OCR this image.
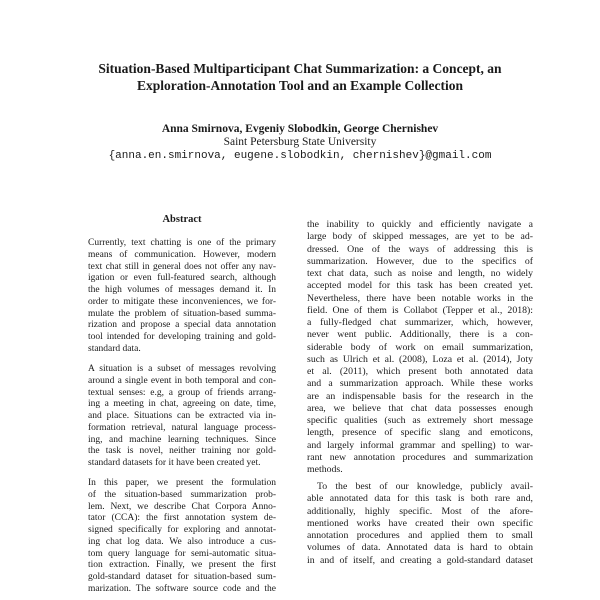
Situation-Based Multiparticipant Chat Summarization: a Concept, an
Exploration-Annotation Tool and an Example Collection
Anna Smirnova, Evgeniy Slobodkin, George Chernishev
Saint Petersburg State University
{anna.en.smirnova, eugene.slobodkin, chernishev}@gmail.com
Abstract
Currently, text chatting is one of the primary
means of communication. However, modern
text chat still in general does not offer any nav-
igation or even full-featured search, although
the high volumes of messages demand it. In
order to mitigate these inconveniences, we for-
mulate the problem of situation-based summa-
rization and propose a special data annotation
tool intended for developing training and gold-
standard data.
A situation is a subset of messages revolving
around a single event in both temporal and con-
textual senses: e.g, a group of friends arrang-
ing a meeting in chat, agreeing on date, time,
and place. Situations can be extracted via in-
formation retrieval, natural language process-
ing, and machine learning techniques. Since
the task is novel, neither training nor gold-
standard datasets for it have been created yet.
In this paper, we present the formulation
of the situation-based summarization prob-
lem. Next, we describe Chat Corpora Anno-
tator (CCA): the first annotation system de-
signed specifically for exploring and annotat-
ing chat log data. We also introduce a cus-
tom query language for semi-automatic situa-
tion extraction. Finally, we present the first
gold-standard dataset for situation-based sum-
marization. The software source code and the
the inability to quickly and efficiently navigate a
large body of skipped messages, are yet to be ad-
dressed. One of the ways of addressing this is
summarization. However, due to the specifics of
text chat data, such as noise and length, no widely
accepted model for this task has been created yet.
Nevertheless, there have been notable works in the
field. One of them is Collabot (Tepper et al., 2018):
a fully-fledged chat summarizer, which, however,
never went public. Additionally, there is a con-
siderable body of work on email summarization,
such as Ulrich et al. (2008), Loza et al. (2014), Joty
et al. (2011), which present both annotated data
and a summarization approach. While these works
are an indispensable basis for the research in the
area, we believe that chat data possesses enough
specific qualities (such as extremely short message
length, presence of specific slang and emoticons,
and largely informal grammar and spelling) to war-
rant new annotation procedures and summarization
methods.
To the best of our knowledge, publicly avail-
able annotated data for this task is both rare and,
additionally, highly specific. Most of the afore-
mentioned works have created their own specific
annotation procedures and applied them to small
volumes of data. Annotated data is hard to obtain
in and of itself, and creating a gold-standard dataset
